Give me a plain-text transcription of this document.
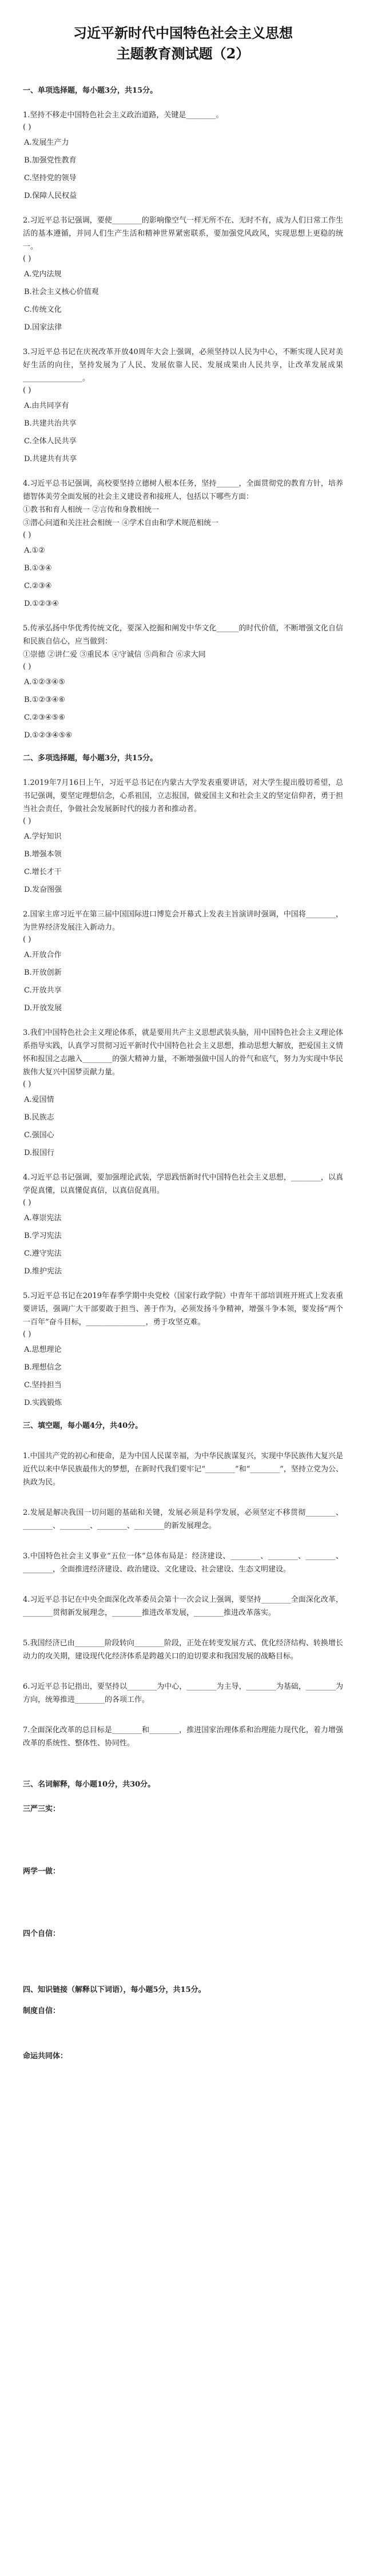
习近平新时代中国特色社会主义思想
主题教育测试题（2）
一、单项选择题，每小题3分，共15分。
1.坚持不移走中国特色社会主义政治道路，关键是________。
( )
A.发展生产力
B.加强党性教育
C.坚持党的领导
D.保障人民权益
2.习近平总书记强调，要使________的影响像空气一样无所不在、无时不有，成为人们日常工作生活的基本遵循，并同人们生产生活和精神世界紧密联系，要加强党风政风，实现思想上更稳的统一。
( )
A.党内法规
B.社会主义核心价值观
C.传统文化
D.国家法律
3.习近平总书记在庆祝改革开放40周年大会上强调，必须坚持以人民为中心，不断实现人民对美好生活的向往，坚持发展为了人民、发展依靠人民、发展成果由人民共享，让改革发展成果________________。
( )
A.由共同享有
B.共建共治共享
C.全体人民共享
D.共建共有共享
4.习近平总书记强调，高校要坚持立德树人根本任务，坚持______，全面贯彻党的教育方针，培养德智体美劳全面发展的社会主义建设者和接班人，包括以下哪些方面：
①教书和育人相统一 ②言传和身教相统一
③潜心问道和关注社会相统一 ④学术自由和学术规范相统一
( )
A.①②
B.①③④
C.②③④
D.①②③④
5.传承弘扬中华优秀传统文化，要深入挖掘和阐发中华文化______的时代价值，不断增强文化自信和民族自信心，应当做到：
①崇德 ②讲仁爱 ③重民本 ④守诚信 ⑤尚和合 ⑥求大同
( )
A.①②③④⑤
B.①②③④⑥
C.②③④⑤⑥
D.①②③④⑤⑥
二、多项选择题，每小题3分，共15分。
1.2019年7月16日上午，习近平总书记在内蒙古大学发表重要讲话，对大学生提出殷切希望，总书记强调，要坚定理想信念，心系祖国，立志报国，做爱国主义和社会主义的坚定信仰者，勇于担当社会责任，争做社会发展新时代的接力者和推动者。
( )
A.学好知识
B.增强本领
C.增长才干
D.发奋图强
2.国家主席习近平在第三届中国国际进口博览会开幕式上发表主旨演讲时强调，中国将________，为世界经济发展注入新动力。
( )
A.开放合作
B.开放创新
C.开放共享
D.开放发展
3.我们中国特色社会主义理论体系，就是要用共产主义思想武装头脑，用中国特色社会主义理论体系指导实践，认真学习贯彻习近平新时代中国特色社会主义思想，推动思想大解放，把爱国主义情怀和报国之志融入________的强大精神力量，不断增强做中国人的骨气和底气，努力为实现中华民族伟大复兴中国梦贡献力量。
( )
A.爱国情
B.民族志
C.强国心
D.报国行
4.习近平总书记强调，要加强理论武装，学思践悟新时代中国特色社会主义思想，________，以真学促真懂，以真懂促真信，以真信促真用。
( )
A.尊崇宪法
B.学习宪法
C.遵守宪法
D.维护宪法
5.习近平总书记在2019年春季学期中央党校（国家行政学院）中青年干部培训班开班式上发表重要讲话，强调广大干部要敢于担当、善于作为，必须发扬斗争精神，增强斗争本领，要发扬“两个一百年”奋斗目标，________________，勇于攻坚克难。
( )
A.思想理论
B.理想信念
C.坚持担当
D.实践锻炼
三、填空题，每小题4分，共40分。
1.中国共产党的初心和使命，是为中国人民谋幸福，为中华民族谋复兴，实现中华民族伟大复兴是近代以来中华民族最伟大的梦想，在新时代我们要牢记“________”和“________”，坚持立党为公、执政为民。
2.发展是解决我国一切问题的基础和关键，发展必须是科学发展，必须坚定不移贯彻________、________、________、________、________的新发展理念。
3.中国特色社会主义事业“五位一体”总体布局是：经济建设、________、________、________、________，全面推进经济建设、政治建设、文化建设、社会建设、生态文明建设。
4.习近平总书记在中央全面深化改革委员会第十一次会议上强调，要坚持________全面深化改革，________贯彻新发展理念，________推进改革发展，________推进改革落实。
5.我国经济已由________阶段转向________阶段，正处在转变发展方式、优化经济结构、转换增长动力的攻关期，建设现代化经济体系是跨越关口的迫切要求和我国发展的战略目标。
6.习近平总书记指出，要坚持以________为中心，________为主导，________为基础，________为方向，统筹推进________的各项工作。
7.全面深化改革的总目标是________和________，推进国家治理体系和治理能力现代化，着力增强改革的系统性、整体性、协同性。
三、名词解释，每小题10分，共30分。
三严三实：
两学一做：
四个自信：
四、知识链接（解释以下词语），每小题5分，共15分。
制度自信：
命运共同体：
